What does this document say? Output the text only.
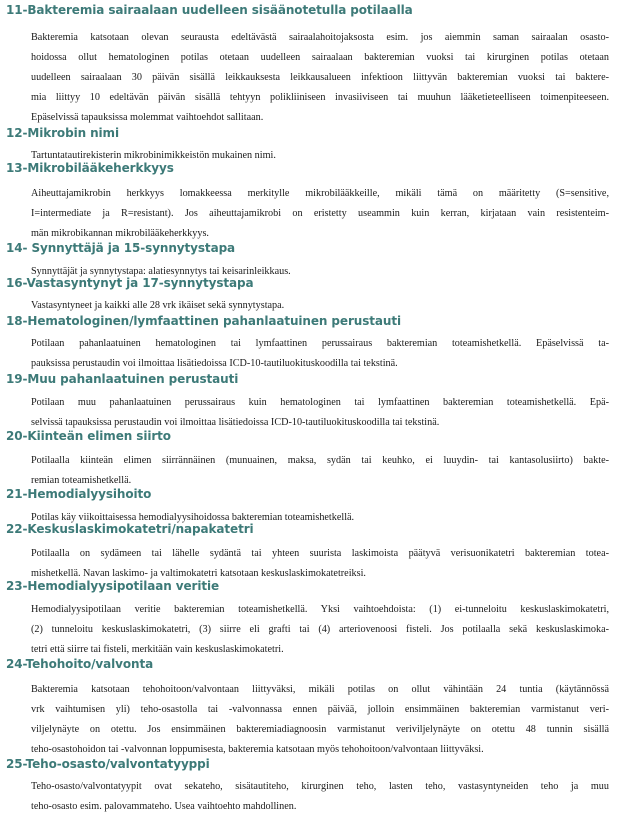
11-Bakteremia sairaalaan uudelleen sisäänotetulla potilaalla
Bakteremia katsotaan olevan seurausta edeltävästä sairaalahoitojaksosta esim. jos aiemmin saman sairaalan osasto-
hoidossa ollut hematologinen potilas otetaan uudelleen sairaalaan bakteremian vuoksi tai kirurginen potilas otetaan
uudelleen sairaalaan 30 päivän sisällä leikkauksesta leikkausalueen infektioon liittyvän bakteremian vuoksi tai baktere-
mia liittyy 10 edeltävän päivän sisällä tehtyyn polikliiniseen invasiiviseen tai muuhun lääketieteelliseen toimenpiteeseen.
Epäselvissä tapauksissa molemmat vaihtoehdot sallitaan.
12-Mikrobin nimi
Tartuntatautirekisterin mikrobinimikkeistön mukainen nimi.
13-Mikrobilääkeherkkyys
Aiheuttajamikrobin herkkyys lomakkeessa merkitylle mikrobilääkkeille, mikäli tämä on määritetty (S=sensitive,
I=intermediate ja R=resistant). Jos aiheuttajamikrobi on eristetty useammin kuin kerran, kirjataan vain resistenteim-
män mikrobikannan mikrobilääkeherkkyys.
14- Synnyttäjä ja 15-synnytystapa
Synnyttäjät ja synnytystapa: alatiesynnytys tai keisarinleikkaus.
16-Vastasyntynyt ja 17-synnytystapa
Vastasyntyneet ja kaikki alle 28 vrk ikäiset sekä synnytystapa.
18-Hematologinen/lymfaattinen pahanlaatuinen perustauti
Potilaan pahanlaatuinen hematologinen tai lymfaattinen perussairaus bakteremian toteamishetkellä. Epäselvissä ta-
pauksissa perustaudin voi ilmoittaa lisätiedoissa ICD-10-tautiluokituskoodilla tai tekstinä.
19-Muu pahanlaatuinen perustauti
Potilaan muu pahanlaatuinen perussairaus kuin hematologinen tai lymfaattinen bakteremian toteamishetkellä. Epä-
selvissä tapauksissa perustaudin voi ilmoittaa lisätiedoissa ICD-10-tautiluokituskoodilla tai tekstinä.
20-Kiinteän elimen siirto
Potilaalla kiinteän elimen siirrännäinen (munuainen, maksa, sydän tai keuhko, ei luuydin- tai kantasolusiirto) bakte-
remian toteamishetkellä.
21-Hemodialyysihoito
Potilas käy viikoittaisessa hemodialyysihoidossa bakteremian toteamishetkellä.
22-Keskuslaskimokatetri/napakatetri
Potilaalla on sydämeen tai lähelle sydäntä tai yhteen suurista laskimoista päätyvä verisuonikatetri bakteremian totea-
mishetkellä. Navan laskimo- ja valtimokatetri katsotaan keskuslaskimokatetreiksi.
23-Hemodialyysipotilaan veritie
Hemodialyysipotilaan veritie bakteremian toteamishetkellä. Yksi vaihtoehdoista: (1) ei-tunneloitu keskuslaskimokatetri,
(2) tunneloitu keskuslaskimokatetri, (3) siirre eli grafti tai (4) arteriovenoosi fisteli. Jos potilaalla sekä keskuslaskimoka-
tetri että siirre tai fisteli, merkitään vain keskuslaskimokatetri.
24-Tehohoito/valvonta
Bakteremia katsotaan tehohoitoon/valvontaan liittyväksi, mikäli potilas on ollut vähintään 24 tuntia (käytännössä
vrk vaihtumisen yli) teho-osastolla tai -valvonnassa ennen päivää, jolloin ensimmäinen bakteremian varmistanut veri-
viljelynäyte on otettu. Jos ensimmäinen bakteremiadiagnoosin varmistanut veriviljelynäyte on otettu 48 tunnin sisällä
teho-osastohoidon tai -valvonnan loppumisesta, bakteremia katsotaan myös tehohoitoon/valvontaan liittyväksi.
25-Teho-osasto/valvontatyyppi
Teho-osasto/valvontatyypit ovat sekateho, sisätautiteho, kirurginen teho, lasten teho, vastasyntyneiden teho ja muu
teho-osasto esim. palovammateho. Usea vaihtoehto mahdollinen.
